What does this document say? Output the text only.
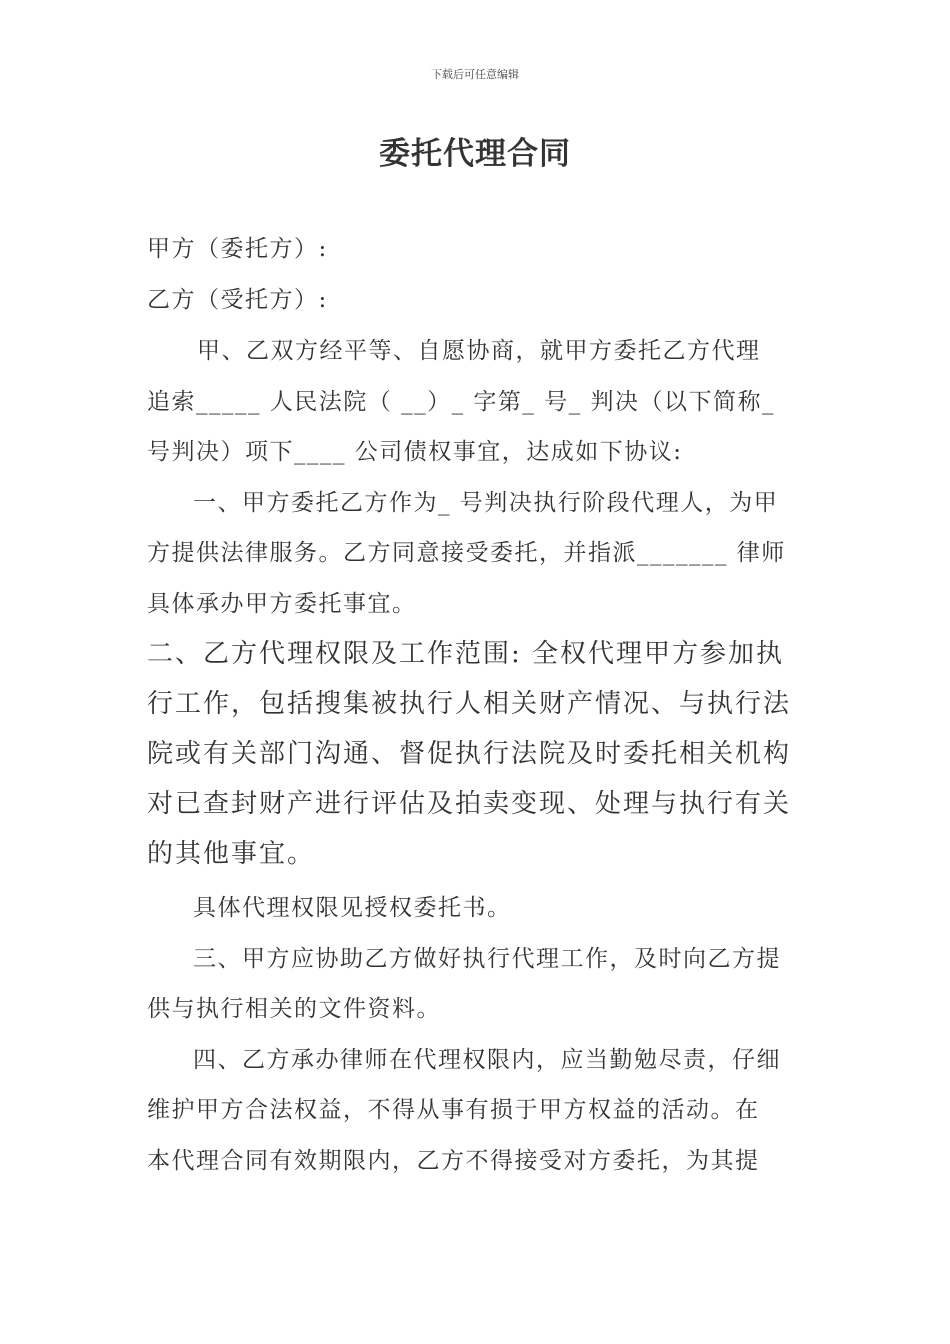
下载后可任意编辑
委托代理合同
甲方（委托方）:
乙方（受托方）:
甲、乙双方经平等、自愿协商，就甲方委托乙方代理
追索_____ 人民法院（ __）_ 字第_ 号_ 判决（以下简称_
号判决）项下____ 公司债权事宜，达成如下协议:
一、甲方委托乙方作为_ 号判决执行阶段代理人，为甲
方提供法律服务。乙方同意接受委托，并指派_______ 律师
具体承办甲方委托事宜。
二、乙方代理权限及工作范围: 全权代理甲方参加执
行工作，包括搜集被执行人相关财产情况、与执行法
院或有关部门沟通、督促执行法院及时委托相关机构
对已查封财产进行评估及拍卖变现、处理与执行有关
的其他事宜。
具体代理权限见授权委托书。
三、甲方应协助乙方做好执行代理工作，及时向乙方提
供与执行相关的文件资料。
四、乙方承办律师在代理权限内，应当勤勉尽责，仔细
维护甲方合法权益，不得从事有损于甲方权益的活动。在
本代理合同有效期限内，乙方不得接受对方委托，为其提
